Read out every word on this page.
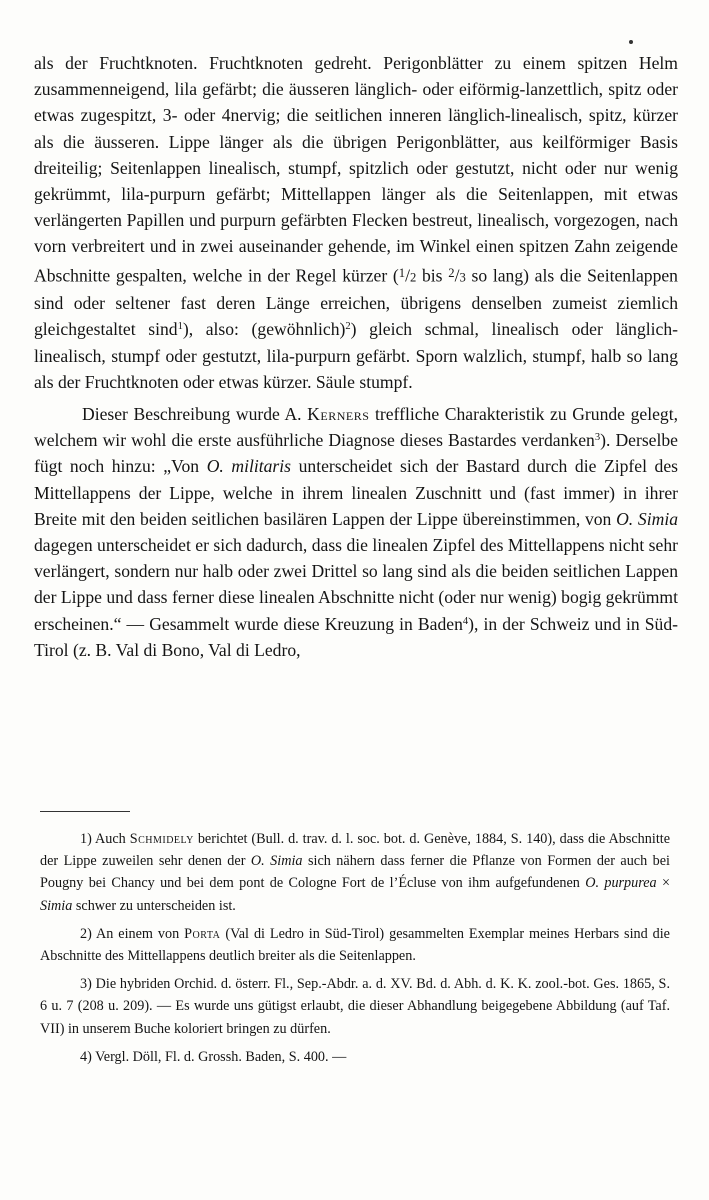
als der Fruchtknoten. Fruchtknoten gedreht. Perigonblätter zu einem spitzen Helm zusammenneigend, lila gefärbt; die äusseren länglich- oder eiförmig-lanzettlich, spitz oder etwas zugespitzt, 3- oder 4nervig; die seitlichen inneren länglich-linealisch, spitz, kürzer als die äusseren. Lippe länger als die übrigen Perigonblätter, aus keilförmiger Basis dreiteilig; Seitenlappen linealisch, stumpf, spitzlich oder gestutzt, nicht oder nur wenig gekrümmt, lila-purpurn gefärbt; Mittellappen länger als die Seitenlappen, mit etwas verlängerten Papillen und purpurn gefärbten Flecken bestreut, linealisch, vorgezogen, nach vorn verbreitert und in zwei auseinander gehende, im Winkel einen spitzen Zahn zeigende Abschnitte gespalten, welche in der Regel kürzer ($^1$/2 bis $^2$/3 so lang) als die Seitenlappen sind oder seltener fast deren Länge erreichen, übrigens denselben zumeist ziemlich gleichgestaltet sind$^1$), also: (gewöhnlich)$^2$) gleich schmal, linealisch oder länglich-linealisch, stumpf oder gestutzt, lila-purpurn gefärbt. Sporn walzlich, stumpf, halb so lang als der Fruchtknoten oder etwas kürzer. Säule stumpf.

Dieser Beschreibung wurde A. Kerners treffliche Charakteristik zu Grunde gelegt, welchem wir wohl die erste ausführliche Diagnose dieses Bastardes verdanken$^3$). Derselbe fügt noch hinzu: „Von O. militaris unterscheidet sich der Bastard durch die Zipfel des Mittellappens der Lippe, welche in ihrem linealen Zuschnitt und (fast immer) in ihrer Breite mit den beiden seitlichen basilären Lappen der Lippe übereinstimmen, von O. Simia dagegen unterscheidet er sich dadurch, dass die linealen Zipfel des Mittellappens nicht sehr verlängert, sondern nur halb oder zwei Drittel so lang sind als die beiden seitlichen Lappen der Lippe und dass ferner diese linealen Abschnitte nicht (oder nur wenig) bogig gekrümmt erscheinen.“ — Gesammelt wurde diese Kreuzung in Baden$^4$), in der Schweiz und in Süd-Tirol (z. B. Val di Bono, Val di Ledro,

1) Auch Schmidely berichtet (Bull. d. trav. d. l. soc. bot. d. Genève, 1884, S. 140), dass die Abschnitte der Lippe zuweilen sehr denen der O. Simia sich nähern dass ferner die Pflanze von Formen der auch bei Pougny bei Chancy und bei dem pont de Cologne Fort de l’Écluse von ihm aufgefundenen O. purpurea × Simia schwer zu unterscheiden ist.

2) An einem von Porta (Val di Ledro in Süd-Tirol) gesammelten Exemplar meines Herbars sind die Abschnitte des Mittellappens deutlich breiter als die Seitenlappen.

3) Die hybriden Orchid. d. österr. Fl., Sep.-Abdr. a. d. XV. Bd. d. Abh. d. K. K. zool.-bot. Ges. 1865, S. 6 u. 7 (208 u. 209). — Es wurde uns gütigst erlaubt, die dieser Abhandlung beigegebene Abbildung (auf Taf. VII) in unserem Buche koloriert bringen zu dürfen.

4) Vergl. Döll, Fl. d. Grossh. Baden, S. 400. —
